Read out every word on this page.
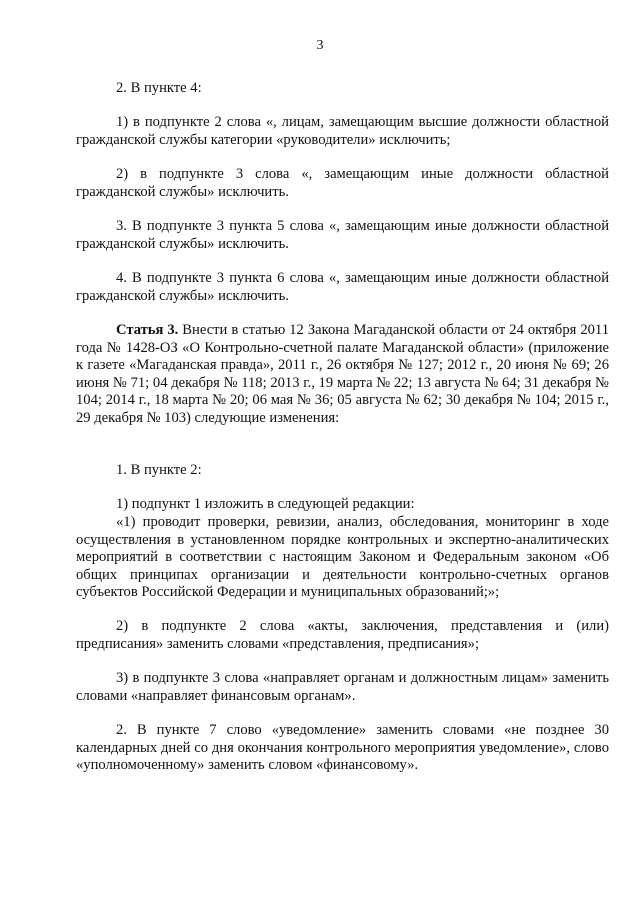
3
2. В пункте 4:
1) в подпункте 2 слова «, лицам, замещающим высшие должности областной гражданской службы категории «руководители» исключить;
2) в подпункте 3 слова «, замещающим иные должности областной гражданской службы» исключить.
3. В подпункте 3 пункта 5 слова «, замещающим иные должности областной гражданской службы» исключить.
4. В подпункте 3 пункта 6 слова «, замещающим иные должности областной гражданской службы» исключить.
Статья 3. Внести в статью 12 Закона Магаданской области от 24 октября 2011 года № 1428-ОЗ «О Контрольно-счетной палате Магаданской области» (приложение к газете «Магаданская правда», 2011 г., 26 октября № 127; 2012 г., 20 июня № 69; 26 июня № 71; 04 декабря № 118; 2013 г., 19 марта № 22; 13 августа № 64; 31 декабря № 104; 2014 г., 18 марта № 20; 06 мая № 36; 05 августа № 62; 30 декабря № 104; 2015 г., 29 декабря № 103) следующие изменения:
1. В пункте 2:
1) подпункт 1 изложить в следующей редакции:
«1) проводит проверки, ревизии, анализ, обследования, мониторинг в ходе осуществления в установленном порядке контрольных и экспертно-аналитических мероприятий в соответствии с настоящим Законом и Федеральным законом «Об общих принципах организации и деятельности контрольно-счетных органов субъектов Российской Федерации и муниципальных образований;»;
2) в подпункте 2 слова «акты, заключения, представления и (или) предписания» заменить словами «представления, предписания»;
3) в подпункте 3 слова «направляет органам и должностным лицам» заменить словами «направляет финансовым органам».
2. В пункте 7 слово «уведомление» заменить словами «не позднее 30 календарных дней со дня окончания контрольного мероприятия уведомление», слово «уполномоченному» заменить словом «финансовому».
